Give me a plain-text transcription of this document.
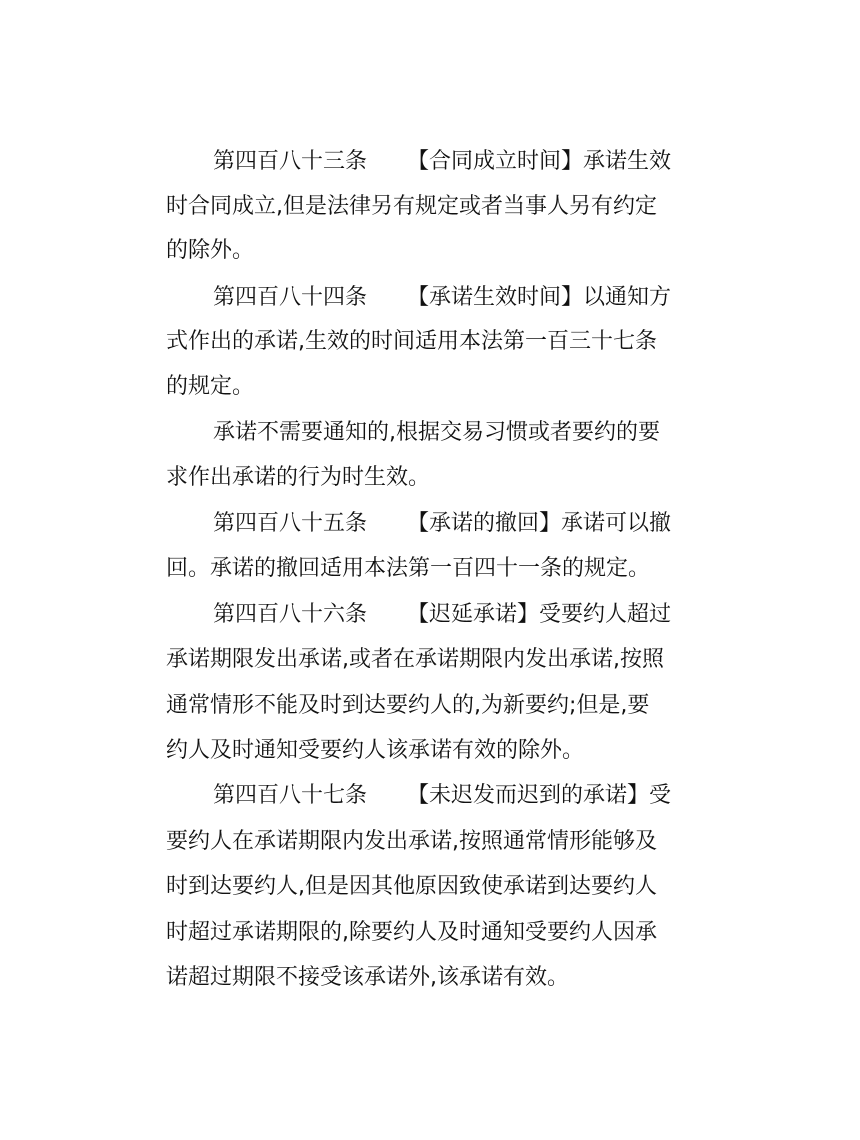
第四百八十三条 【合同成立时间】承诺生效
时合同成立,但是法律另有规定或者当事人另有约定
的除外。
第四百八十四条 【承诺生效时间】以通知方
式作出的承诺,生效的时间适用本法第一百三十七条
的规定。
承诺不需要通知的,根据交易习惯或者要约的要
求作出承诺的行为时生效。
第四百八十五条 【承诺的撤回】承诺可以撤
回。承诺的撤回适用本法第一百四十一条的规定。
第四百八十六条 【迟延承诺】受要约人超过
承诺期限发出承诺,或者在承诺期限内发出承诺,按照
通常情形不能及时到达要约人的,为新要约;但是,要
约人及时通知受要约人该承诺有效的除外。
第四百八十七条 【未迟发而迟到的承诺】受
要约人在承诺期限内发出承诺,按照通常情形能够及
时到达要约人,但是因其他原因致使承诺到达要约人
时超过承诺期限的,除要约人及时通知受要约人因承
诺超过期限不接受该承诺外,该承诺有效。
